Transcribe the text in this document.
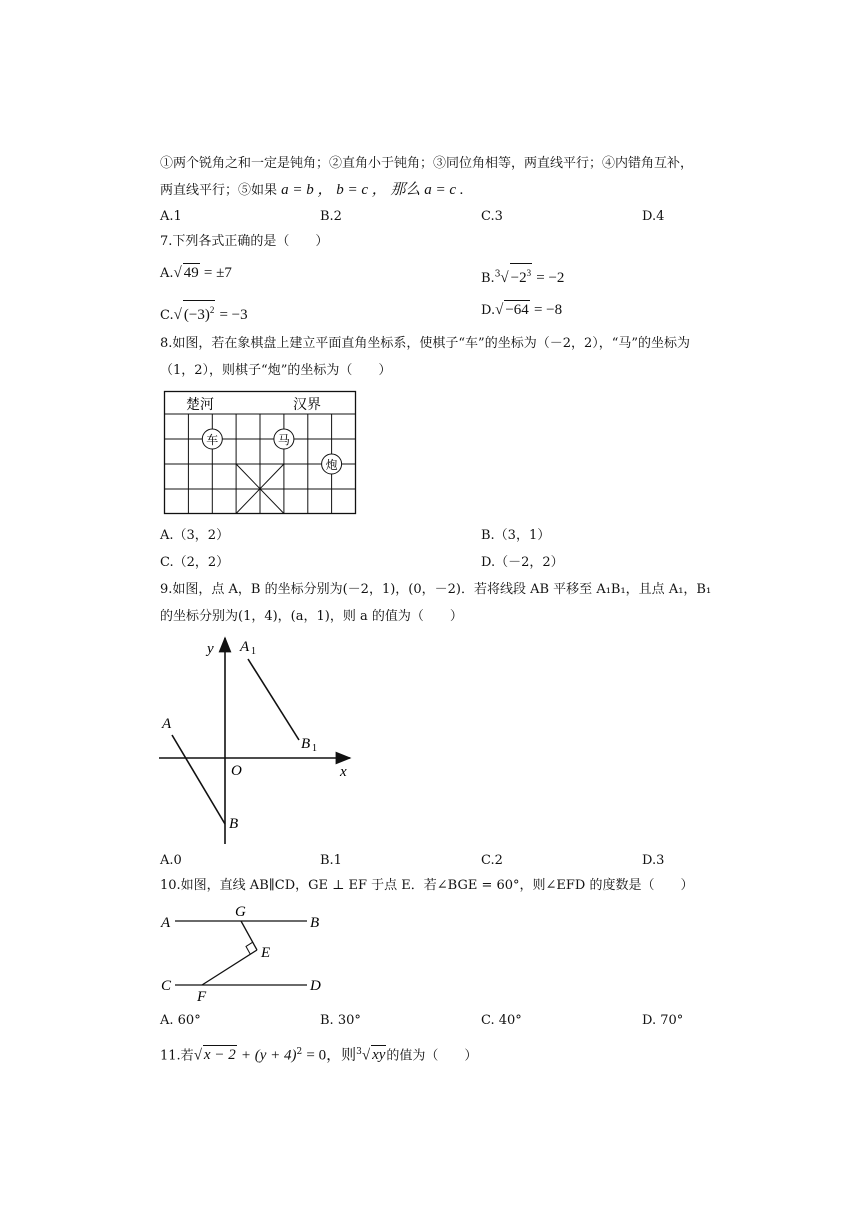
①两个锐角之和一定是钝角；②直角小于钝角；③同位角相等，两直线平行；④内错角互补，
两直线平行；⑤如果 a = b ， b = c ， 那么 a = c .
A.1	B.2	C.3	D.4
7.下列各式正确的是（　　）
A.√ 49 = ±7	$B.^3√ -2^3 = -2$
C.√ $(-3)^2 = -3$	D.√ −64 = −8
8.如图，若在象棋盘上建立平面直角坐标系，使棋子“车”的坐标为（－2，2），“马”的坐标为
（1，2），则棋子“炮”的坐标为（　　）
楚河	汉界
车	马
炮
A.（3，2）	B.（3，1）
C.（2，2）	D.（－2，2）
9.如图，点 A，B 的坐标分别为(－2，1)，(0，－2)．若将线段 AB 平移至 A₁B₁，且点 A₁，B₁
的坐标分别为(1，4)，(a，1)，则 a 的值为（　　）
y
x
O
A
B
A 1
B 1
A.0	B.1	C.2	D.3
10.如图，直线 AB∥CD，GE ⊥ EF 于点 E．若∠BGE = 60°，则∠EFD 的度数是（　　）
A	B
C	D
E
F
G
A. 60°	B. 30°	C. 40°	D. 70°
11.若√ $x - 2 + (y + 4)^2 = 0$，则$^3$√ xy的值为（　　）
